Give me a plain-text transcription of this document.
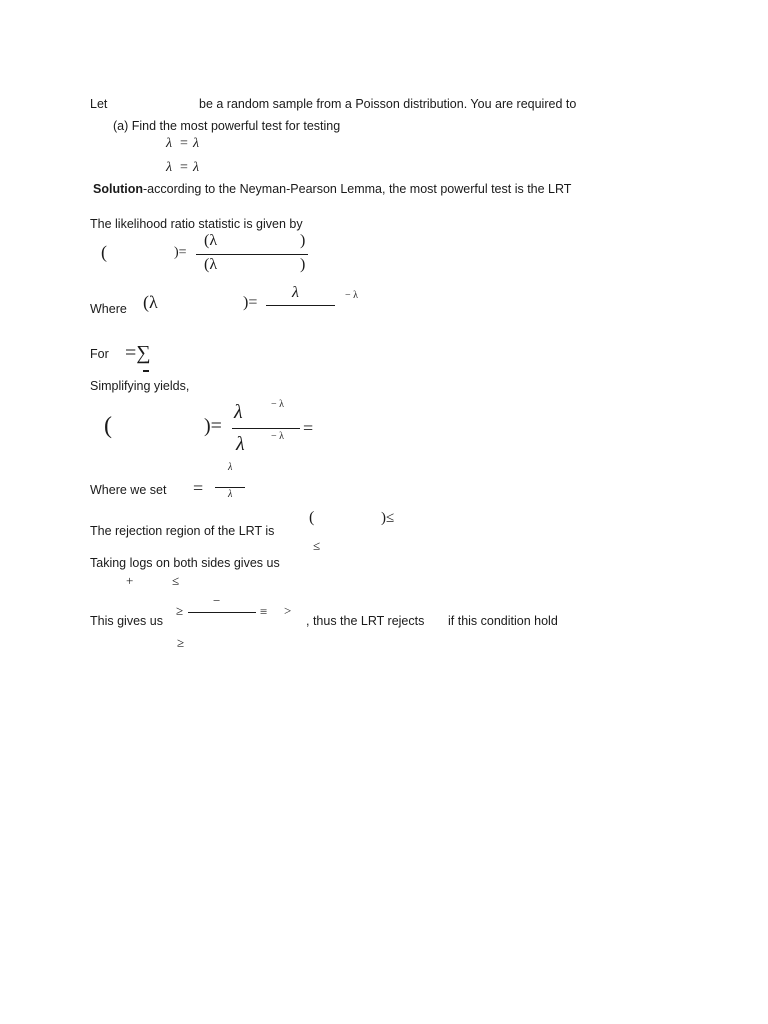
Let	be a random sample from a Poisson distribution. You are required to
(a) Find the most powerful test for testing
λ = λ
λ = λ
Solution-according to the Neyman-Pearson Lemma, the most powerful test is the LRT
The likelihood ratio statistic is given by
(	)=
(λ	)
(λ	)
Where (λ	)=
λ	− λ
For =∑
Simplifying yields,
(	)=
λ	− λ
λ	− λ =
Where we set
λ
= λ
The rejection region of the LRT is
(	)≤
≤
Taking logs on both sides gives us
+	≤
This gives us
≥
−
≡ >
, thus the LRT rejects if this condition hold
≥
